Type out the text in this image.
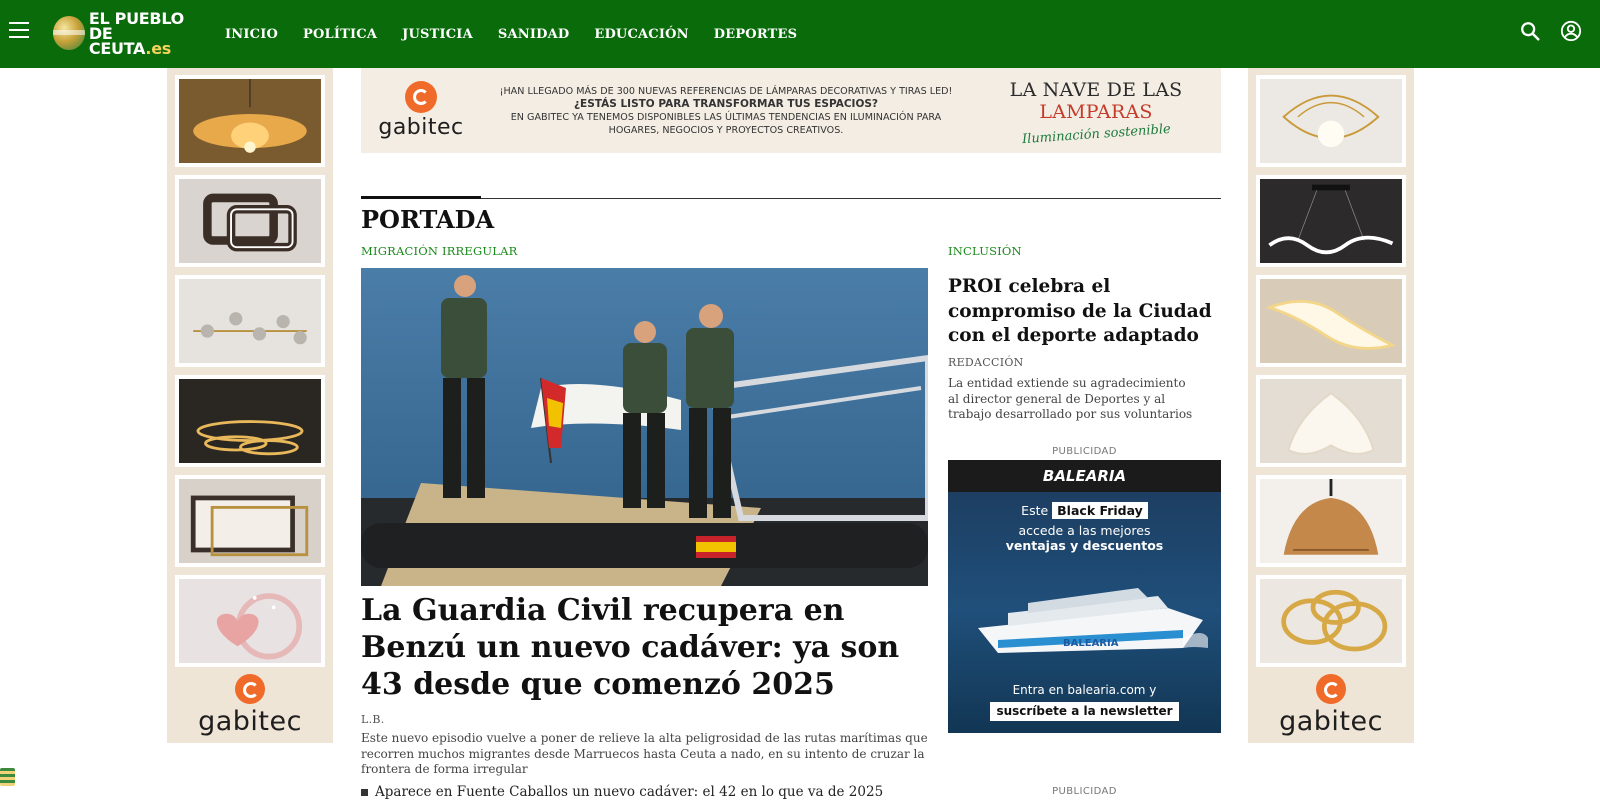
EL PUEBLO
DE CEUTA.es
INICIO POLÍTICA JUSTICIA SANIDAD EDUCACIÓN DEPORTES
gabitec	gabitec
gabitec
¡HAN LLEGADO MÁS DE 300 NUEVAS REFERENCIAS DE LÁMPARAS DECORATIVAS Y TIRAS LED!
¿ESTÁS LISTO PARA TRANSFORMAR TUS ESPACIOS?
EN GABITEC YA TENEMOS DISPONIBLES LAS ÚLTIMAS TENDENCIAS EN ILUMINACIÓN PARA
HOGARES, NEGOCIOS Y PROYECTOS CREATIVOS.
LA NAVE DE LAS LAMPARAS
Iluminación sostenible
PORTADA
MIGRACIÓN IRREGULAR
La Guardia Civil recupera en Benzú un nuevo cadáver: ya son 43 desde que comenzó 2025
L.B.
Este nuevo episodio vuelve a poner de relieve la alta peligrosidad de las rutas marítimas que recorren muchos migrantes desde Marruecos hasta Ceuta a nado, en su intento de cruzar la frontera de forma irregular
Aparece en Fuente Caballos un nuevo cadáver: el 42 en lo que va de 2025
INCLUSIÓN
PROI celebra el compromiso de la Ciudad con el deporte adaptado
REDACCIÓN
La entidad extiende su agradecimiento al director general de Deportes y al trabajo desarrollado por sus voluntarios
PUBLICIDAD
BALEARIA
Este Black Friday
accede a las mejores
ventajas y descuentos
BALEARIA
Entra en balearia.com y
suscríbete a la newsletter
PUBLICIDAD
